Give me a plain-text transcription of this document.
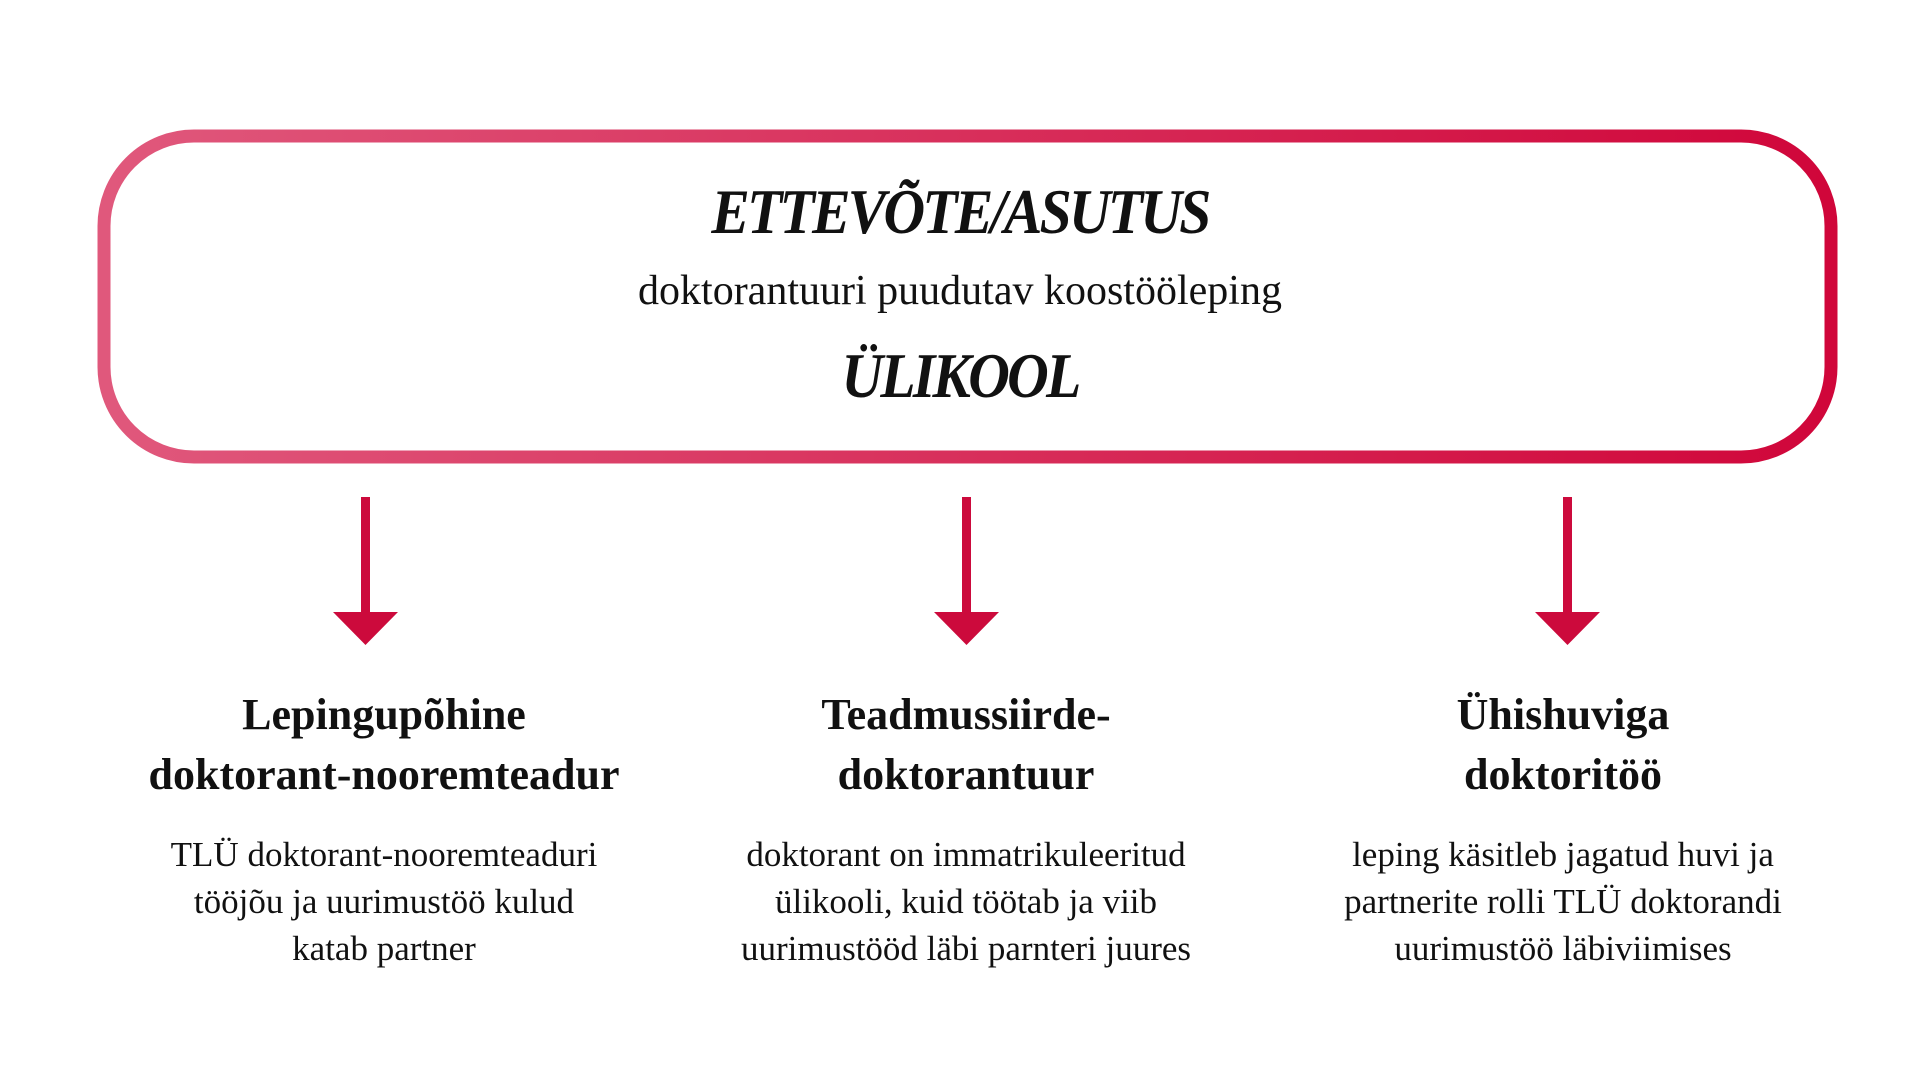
ETTEVÕTE/ASUTUS
doktorantuuri puudutav koostööleping
ÜLIKOOL
Lepingupõhine
doktorant-nooremteadur
TLÜ doktorant-nooremteaduri
tööjõu ja uurimustöö kulud
katab partner
Teadmussiirde-
doktorantuur
doktorant on immatrikuleeritud
ülikooli, kuid töötab ja viib
uurimustööd läbi parnteri juures
Ühishuviga
doktoritöö
leping käsitleb jagatud huvi ja
partnerite rolli TLÜ doktorandi
uurimustöö läbiviimises
